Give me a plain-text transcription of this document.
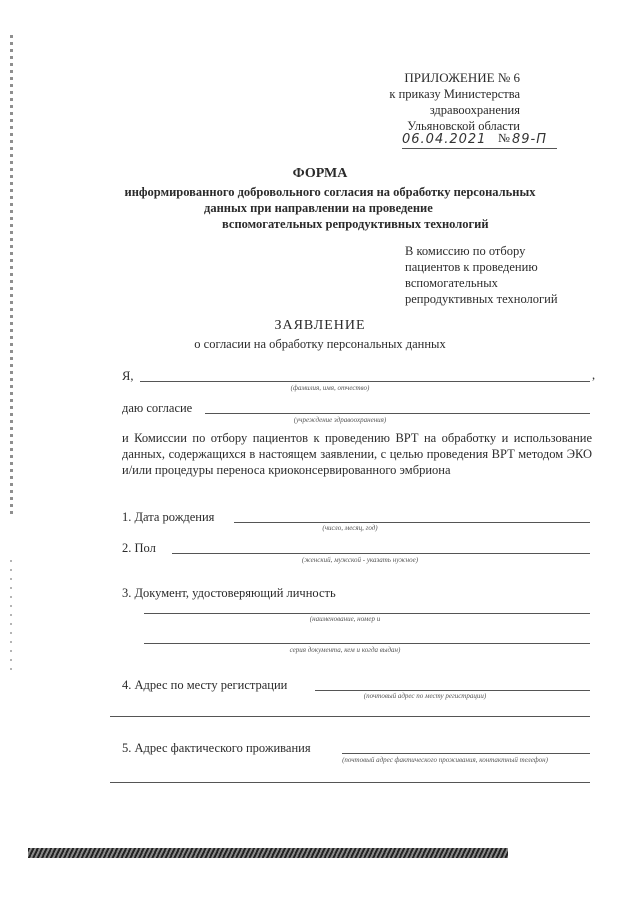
ПРИЛОЖЕНИЕ № 6
к приказу Министерства
здравоохранения
Ульяновской области
06.04.2021 № 89-П
ФОРМА
информированного добровольного согласия на обработку персональных
данных при направлении на проведение
вспомогательных репродуктивных технологий
В комиссию по отбору
пациентов к проведению
вспомогательных
репродуктивных технологий
ЗАЯВЛЕНИЕ
о согласии на обработку персональных данных
Я,	,
(фамилия, имя, отчество)
даю согласие
(учреждение здравоохранения)
и Комиссии по отбору пациентов к проведению ВРТ на обработку и использование данных, содержащихся в настоящем заявлении, с целью проведения ВРТ методом ЭКО и/или процедуры переноса криоконсервированного эмбриона
1. Дата рождения
(число, месяц, год)
2. Пол
(женский, мужской - указать нужное)
3. Документ, удостоверяющий личность
(наименование, номер и
серия документа, кем и когда выдан)
4. Адрес по месту регистрации
(почтовый адрес по месту регистрации)
5. Адрес фактического проживания
(почтовый адрес фактического проживания, контактный телефон)
